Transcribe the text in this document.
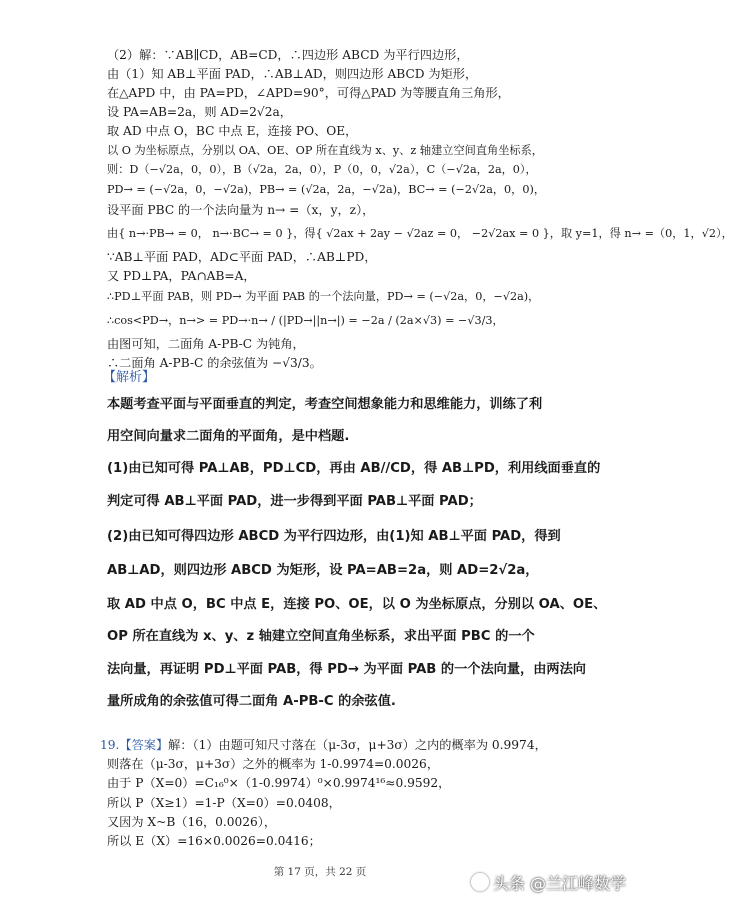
（2）解：∵AB∥CD，AB=CD，∴四边形 ABCD 为平行四边形，
由（1）知 AB⊥平面 PAD，∴AB⊥AD，则四边形 ABCD 为矩形，
在△APD 中，由 PA=PD，∠APD=90°，可得△PAD 为等腰直角三角形，
设 PA=AB=2a，则 AD=2√2a，
取 AD 中点 O，BC 中点 E，连接 PO、OE，
以 O 为坐标原点，分别以 OA、OE、OP 所在直线为 x、y、z 轴建立空间直角坐标系，
则：D（−√2a，0，0），B（√2a，2a，0），P（0，0，√2a），C（−√2a，2a，0），
PD→ = (−√2a，0，−√2a)，PB→ = (√2a，2a，−√2a)，BC→ = (−2√2a，0，0)，
设平面 PBC 的一个法向量为 n→ =（x，y，z），
由{ n→·PB→ = 0， n→·BC→ = 0 }，得{ √2ax + 2ay − √2az = 0， −2√2ax = 0 }，取 y=1，得 n→ =（0，1，√2），
∵AB⊥平面 PAD，AD⊂平面 PAD，∴AB⊥PD，
又 PD⊥PA，PA∩AB=A，
∴PD⊥平面 PAB，则 PD→ 为平面 PAB 的一个法向量，PD→ = (−√2a，0，−√2a)，
∴cos<PD→，n→> = PD→·n→ / (|PD→||n→|) = −2a / (2a×√3) = −√3/3，
由图可知，二面角 A-PB-C 为钝角，
∴二面角 A-PB-C 的余弦值为 −√3/3。
【解析】
本题考查平面与平面垂直的判定，考查空间想象能力和思维能力，训练了利
用空间向量求二面角的平面角，是中档题.
(1)由已知可得 PA⊥AB，PD⊥CD，再由 AB//CD，得 AB⊥PD，利用线面垂直的
判定可得 AB⊥平面 PAD，进一步得到平面 PAB⊥平面 PAD；
(2)由已知可得四边形 ABCD 为平行四边形，由(1)知 AB⊥平面 PAD，得到
AB⊥AD，则四边形 ABCD 为矩形，设 PA=AB=2a，则 AD=2√2a，
取 AD 中点 O，BC 中点 E，连接 PO、OE，以 O 为坐标原点，分别以 OA、OE、
OP 所在直线为 x、y、z 轴建立空间直角坐标系，求出平面 PBC 的一个
法向量，再证明 PD⊥平面 PAB，得 PD→ 为平面 PAB 的一个法向量，由两法向
量所成角的余弦值可得二面角 A-PB-C 的余弦值.
19.【答案】解：（1）由题可知尺寸落在（μ-3σ，μ+3σ）之内的概率为 0.9974，
则落在（μ-3σ，μ+3σ）之外的概率为 1-0.9974=0.0026，
由于 P（X=0）=C₁₆⁰×（1-0.9974）⁰×0.9974¹⁶≈0.9592，
所以 P（X≥1）=1-P（X=0）=0.0408，
又因为 X~B（16，0.0026），
所以 E（X）=16×0.0026=0.0416；
第 17 页，共 22 页
头条 @兰江峰数学
